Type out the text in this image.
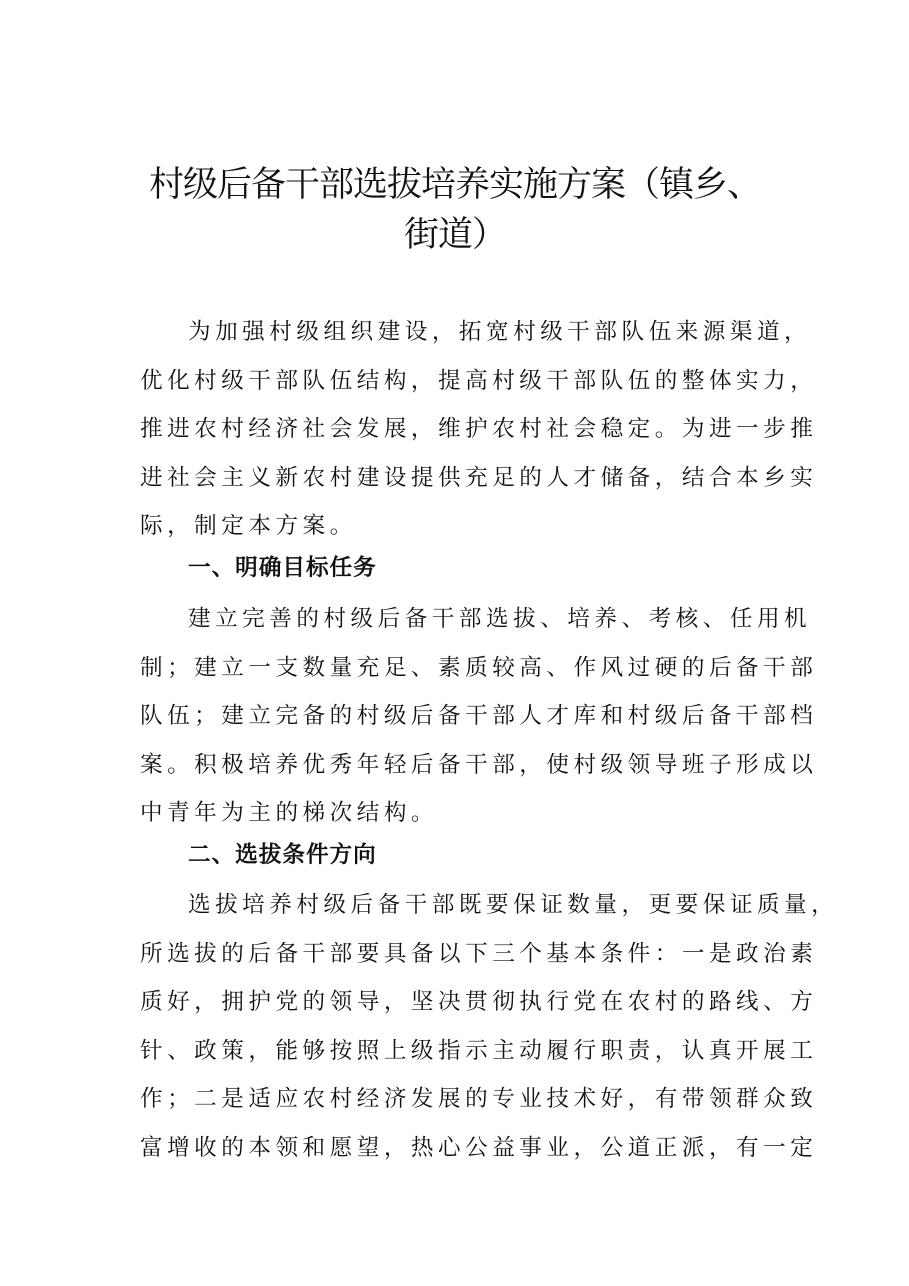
村级后备干部选拔培养实施方案（镇乡、
街道）

为加强村级组织建设，拓宽村级干部队伍来源渠道，
优化村级干部队伍结构，提高村级干部队伍的整体实力，
推进农村经济社会发展，维护农村社会稳定。为进一步推
进社会主义新农村建设提供充足的人才储备，结合本乡实
际，制定本方案。

一、明确目标任务

建立完善的村级后备干部选拔、培养、考核、任用机
制；建立一支数量充足、素质较高、作风过硬的后备干部
队伍；建立完备的村级后备干部人才库和村级后备干部档
案。积极培养优秀年轻后备干部，使村级领导班子形成以
中青年为主的梯次结构。

二、选拔条件方向

选拔培养村级后备干部既要保证数量，更要保证质量，
所选拔的后备干部要具备以下三个基本条件：一是政治素
质好，拥护党的领导，坚决贯彻执行党在农村的路线、方
针、政策，能够按照上级指示主动履行职责，认真开展工
作；二是适应农村经济发展的专业技术好，有带领群众致
富增收的本领和愿望，热心公益事业，公道正派，有一定
